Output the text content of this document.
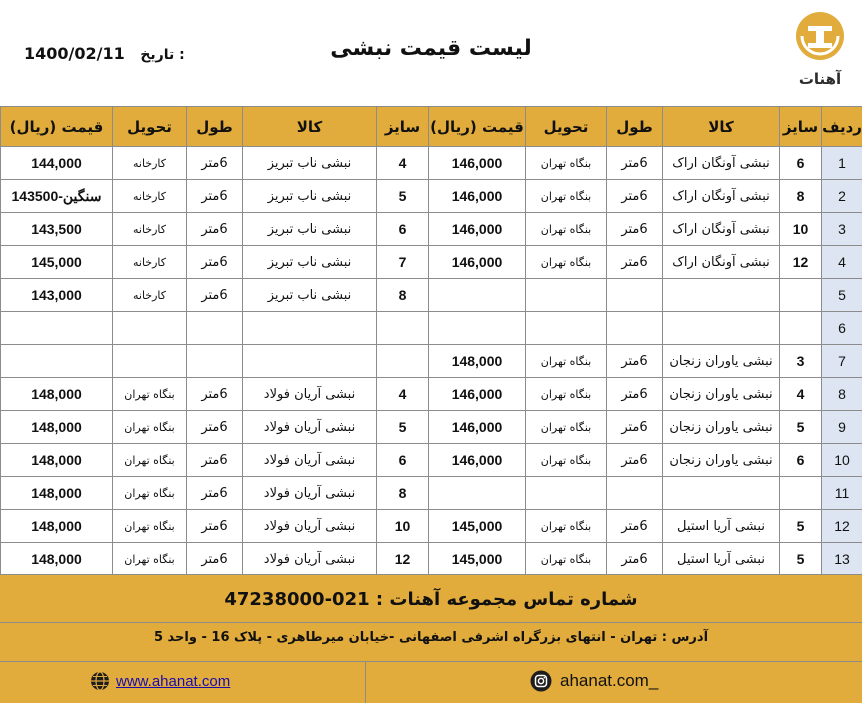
لیست قیمت نبشی
1400/02/11 تاریخ :
آهنات
ردیف	سایز	کالا	طول	تحویل	قیمت (ریال)	سایز	کالا	طول	تحویل	قیمت (ریال)
1	6	نبشی آونگان اراک	6متر	بنگاه تهران	146,000	4	نبشی ناب تبریز	6متر	کارخانه	144,000
2	8	نبشی آونگان اراک	6متر	بنگاه تهران	146,000	5	نبشی ناب تبریز	6متر	کارخانه	سنگین-143500
3	10	نبشی آونگان اراک	6متر	بنگاه تهران	146,000	6	نبشی ناب تبریز	6متر	کارخانه	143,500
4	12	نبشی آونگان اراک	6متر	بنگاه تهران	146,000	7	نبشی ناب تبریز	6متر	کارخانه	145,000
5						8	نبشی ناب تبریز	6متر	کارخانه	143,000
6										
7	3	نبشی یاوران زنجان	6متر	بنگاه تهران	148,000					
8	4	نبشی یاوران زنجان	6متر	بنگاه تهران	146,000	4	نبشی آریان فولاد	6متر	بنگاه تهران	148,000
9	5	نبشی یاوران زنجان	6متر	بنگاه تهران	146,000	5	نبشی آریان فولاد	6متر	بنگاه تهران	148,000
10	6	نبشی یاوران زنجان	6متر	بنگاه تهران	146,000	6	نبشی آریان فولاد	6متر	بنگاه تهران	148,000
11						8	نبشی آریان فولاد	6متر	بنگاه تهران	148,000
12	5	نبشی آریا استیل	6متر	بنگاه تهران	145,000	10	نبشی آریان فولاد	6متر	بنگاه تهران	148,000
13	5	نبشی آریا استیل	6متر	بنگاه تهران	145,000	12	نبشی آریان فولاد	6متر	بنگاه تهران	148,000
شماره تماس مجموعه آهنات : 021-47238000
آدرس : تهران - انتهای بزرگراه اشرفی اصفهانی -خیابان میرطاهری - پلاک 16 - واحد 5
www.ahanat.com	ahanat.com_
